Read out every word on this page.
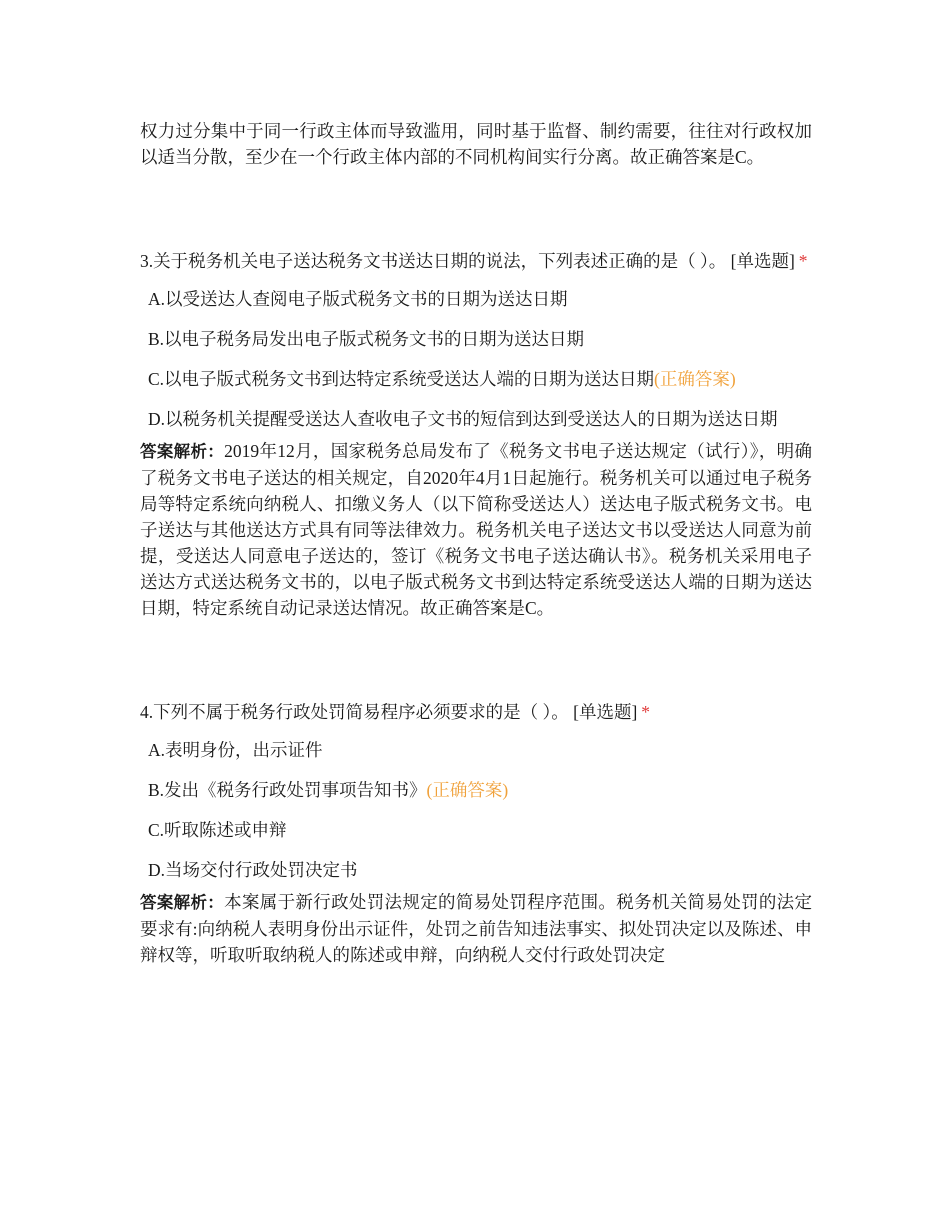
权力过分集中于同一行政主体而导致滥用，同时基于监督、制约需要，往往对行政权加以适当分散，至少在一个行政主体内部的不同机构间实行分离。故正确答案是C。

3.关于税务机关电子送达税务文书送达日期的说法，下列表述正确的是（ ）。 [单选题] *

A.以受送达人查阅电子版式税务文书的日期为送达日期
B.以电子税务局发出电子版式税务文书的日期为送达日期
C.以电子版式税务文书到达特定系统受送达人端的日期为送达日期(正确答案)
D.以税务机关提醒受送达人查收电子文书的短信到达到受送达人的日期为送达日期

答案解析：2019年12月，国家税务总局发布了《税务文书电子送达规定（试行）》，明确了税务文书电子送达的相关规定，自2020年4月1日起施行。税务机关可以通过电子税务局等特定系统向纳税人、扣缴义务人（以下简称受送达人）送达电子版式税务文书。电子送达与其他送达方式具有同等法律效力。税务机关电子送达文书以受送达人同意为前提，受送达人同意电子送达的，签订《税务文书电子送达确认书》。税务机关采用电子送达方式送达税务文书的，以电子版式税务文书到达特定系统受送达人端的日期为送达日期，特定系统自动记录送达情况。故正确答案是C。

4.下列不属于税务行政处罚简易程序必须要求的是（ ）。 [单选题] *

A.表明身份，出示证件
B.发出《税务行政处罚事项告知书》(正确答案)
C.听取陈述或申辩
D.当场交付行政处罚决定书

答案解析：本案属于新行政处罚法规定的简易处罚程序范围。税务机关简易处罚的法定要求有:向纳税人表明身份出示证件，处罚之前告知违法事实、拟处罚决定以及陈述、申辩权等，听取听取纳税人的陈述或申辩，向纳税人交付行政处罚决定
